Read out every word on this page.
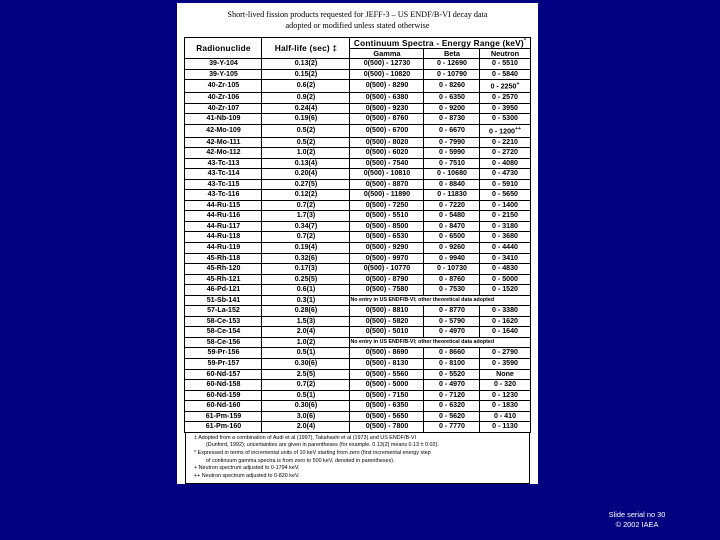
Short-lived fission products requested for JEFF-3 – US ENDF/B-VI decay data
adopted or modified unless stated otherwise
Radionuclide	Half-life (sec) ‡	Continuum Spectra - Energy Range (keV)*
		Gamma	Beta	Neutron
39-Y-104	0.13(2)	0(500) - 12730	0 - 12690	0 - 5510
39-Y-105	0.15(2)	0(500) - 10820	0 - 10790	0 - 5840
40-Zr-105	0.6(2)	0(500) - 8290	0 - 8260	0 - 2250+
40-Zr-106	0.9(2)	0(500) - 6380	0 - 6350	0 - 2570
40-Zr-107	0.24(4)	0(500) - 9230	0 - 9200	0 - 3950
41-Nb-109	0.19(6)	0(500) - 8760	0 - 8730	0 - 5300
42-Mo-109	0.5(2)	0(500) - 6700	0 - 6670	0 - 1200++
42-Mo-111	0.5(2)	0(500) - 8020	0 - 7990	0 - 2210
42-Mo-112	1.0(2)	0(500) - 6020	0 - 5990	0 - 2720
43-Tc-113	0.13(4)	0(500) - 7540	0 - 7510	0 - 4080
43-Tc-114	0.20(4)	0(500) - 10810	0 - 10680	0 - 4730
43-Tc-115	0.27(5)	0(500) - 8870	0 - 8840	0 - 5910
43-Tc-116	0.12(2)	0(500) - 11890	0 - 11830	0 - 5650
44-Ru-115	0.7(2)	0(500) - 7250	0 - 7220	0 - 1400
44-Ru-116	1.7(3)	0(500) - 5510	0 - 5480	0 - 2150
44-Ru-117	0.34(7)	0(500) - 8500	0 - 8470	0 - 3180
44-Ru-118	0.7(2)	0(500) - 6530	0 - 6500	0 - 3680
44-Ru-119	0.19(4)	0(500) - 9290	0 - 9260	0 - 4440
45-Rh-118	0.32(6)	0(500) - 9970	0 - 9940	0 - 3410
45-Rh-120	0.17(3)	0(500) - 10770	0 - 10730	0 - 4830
45-Rh-121	0.25(5)	0(500) - 8790	0 - 8760	0 - 5000
46-Pd-121	0.6(1)	0(500) - 7580	0 - 7530	0 - 1520
51-Sb-141	0.3(1)	No entry in US ENDF/B-VI; other theoretical data adopted		
57-La-152	0.28(6)	0(500) - 8810	0 - 8770	0 - 3380
58-Ce-153	1.5(3)	0(500) - 5820	0 - 5790	0 - 1620
58-Ce-154	2.0(4)	0(500) - 5010	0 - 4970	0 - 1640
58-Ce-156	1.0(2)	No entry in US ENDF/B-VI; other theoretical data adopted		
59-Pr-156	0.5(1)	0(500) - 8690	0 - 8660	0 - 2790
59-Pr-157	0.30(6)	0(500) - 8130	0 - 8100	0 - 3590
60-Nd-157	2.5(5)	0(500) - 5560	0 - 5520	None
60-Nd-158	0.7(2)	0(500) - 5000	0 - 4970	0 - 320
60-Nd-159	0.5(1)	0(500) - 7150	0 - 7120	0 - 1230
60-Nd-160	0.30(6)	0(500) - 6350	0 - 6320	0 - 1830
61-Pm-159	3.0(6)	0(500) - 5650	0 - 5620	0 - 410
61-Pm-160	2.0(4)	0(500) - 7800	0 - 7770	0 - 1130
‡ Adopted from a combination of Audi et al (1997), Takahashi et al (1973) and US ENDF/B-VI
(Dunford, 1992); uncertainties are given in parentheses (for example, 0.13(2) means 0.13 ± 0.02).
* Expressed in terms of incremental units of 10 keV starting from zero (first incremental energy step
of continuum gamma spectra is from zero to 500 keV, denoted in parentheses).
+ Neutron spectrum adjusted to 0-1794 keV.
++ Neutron spectrum adjusted to 0-820 keV.
Slide serial no 30
© 2002 IAEA
